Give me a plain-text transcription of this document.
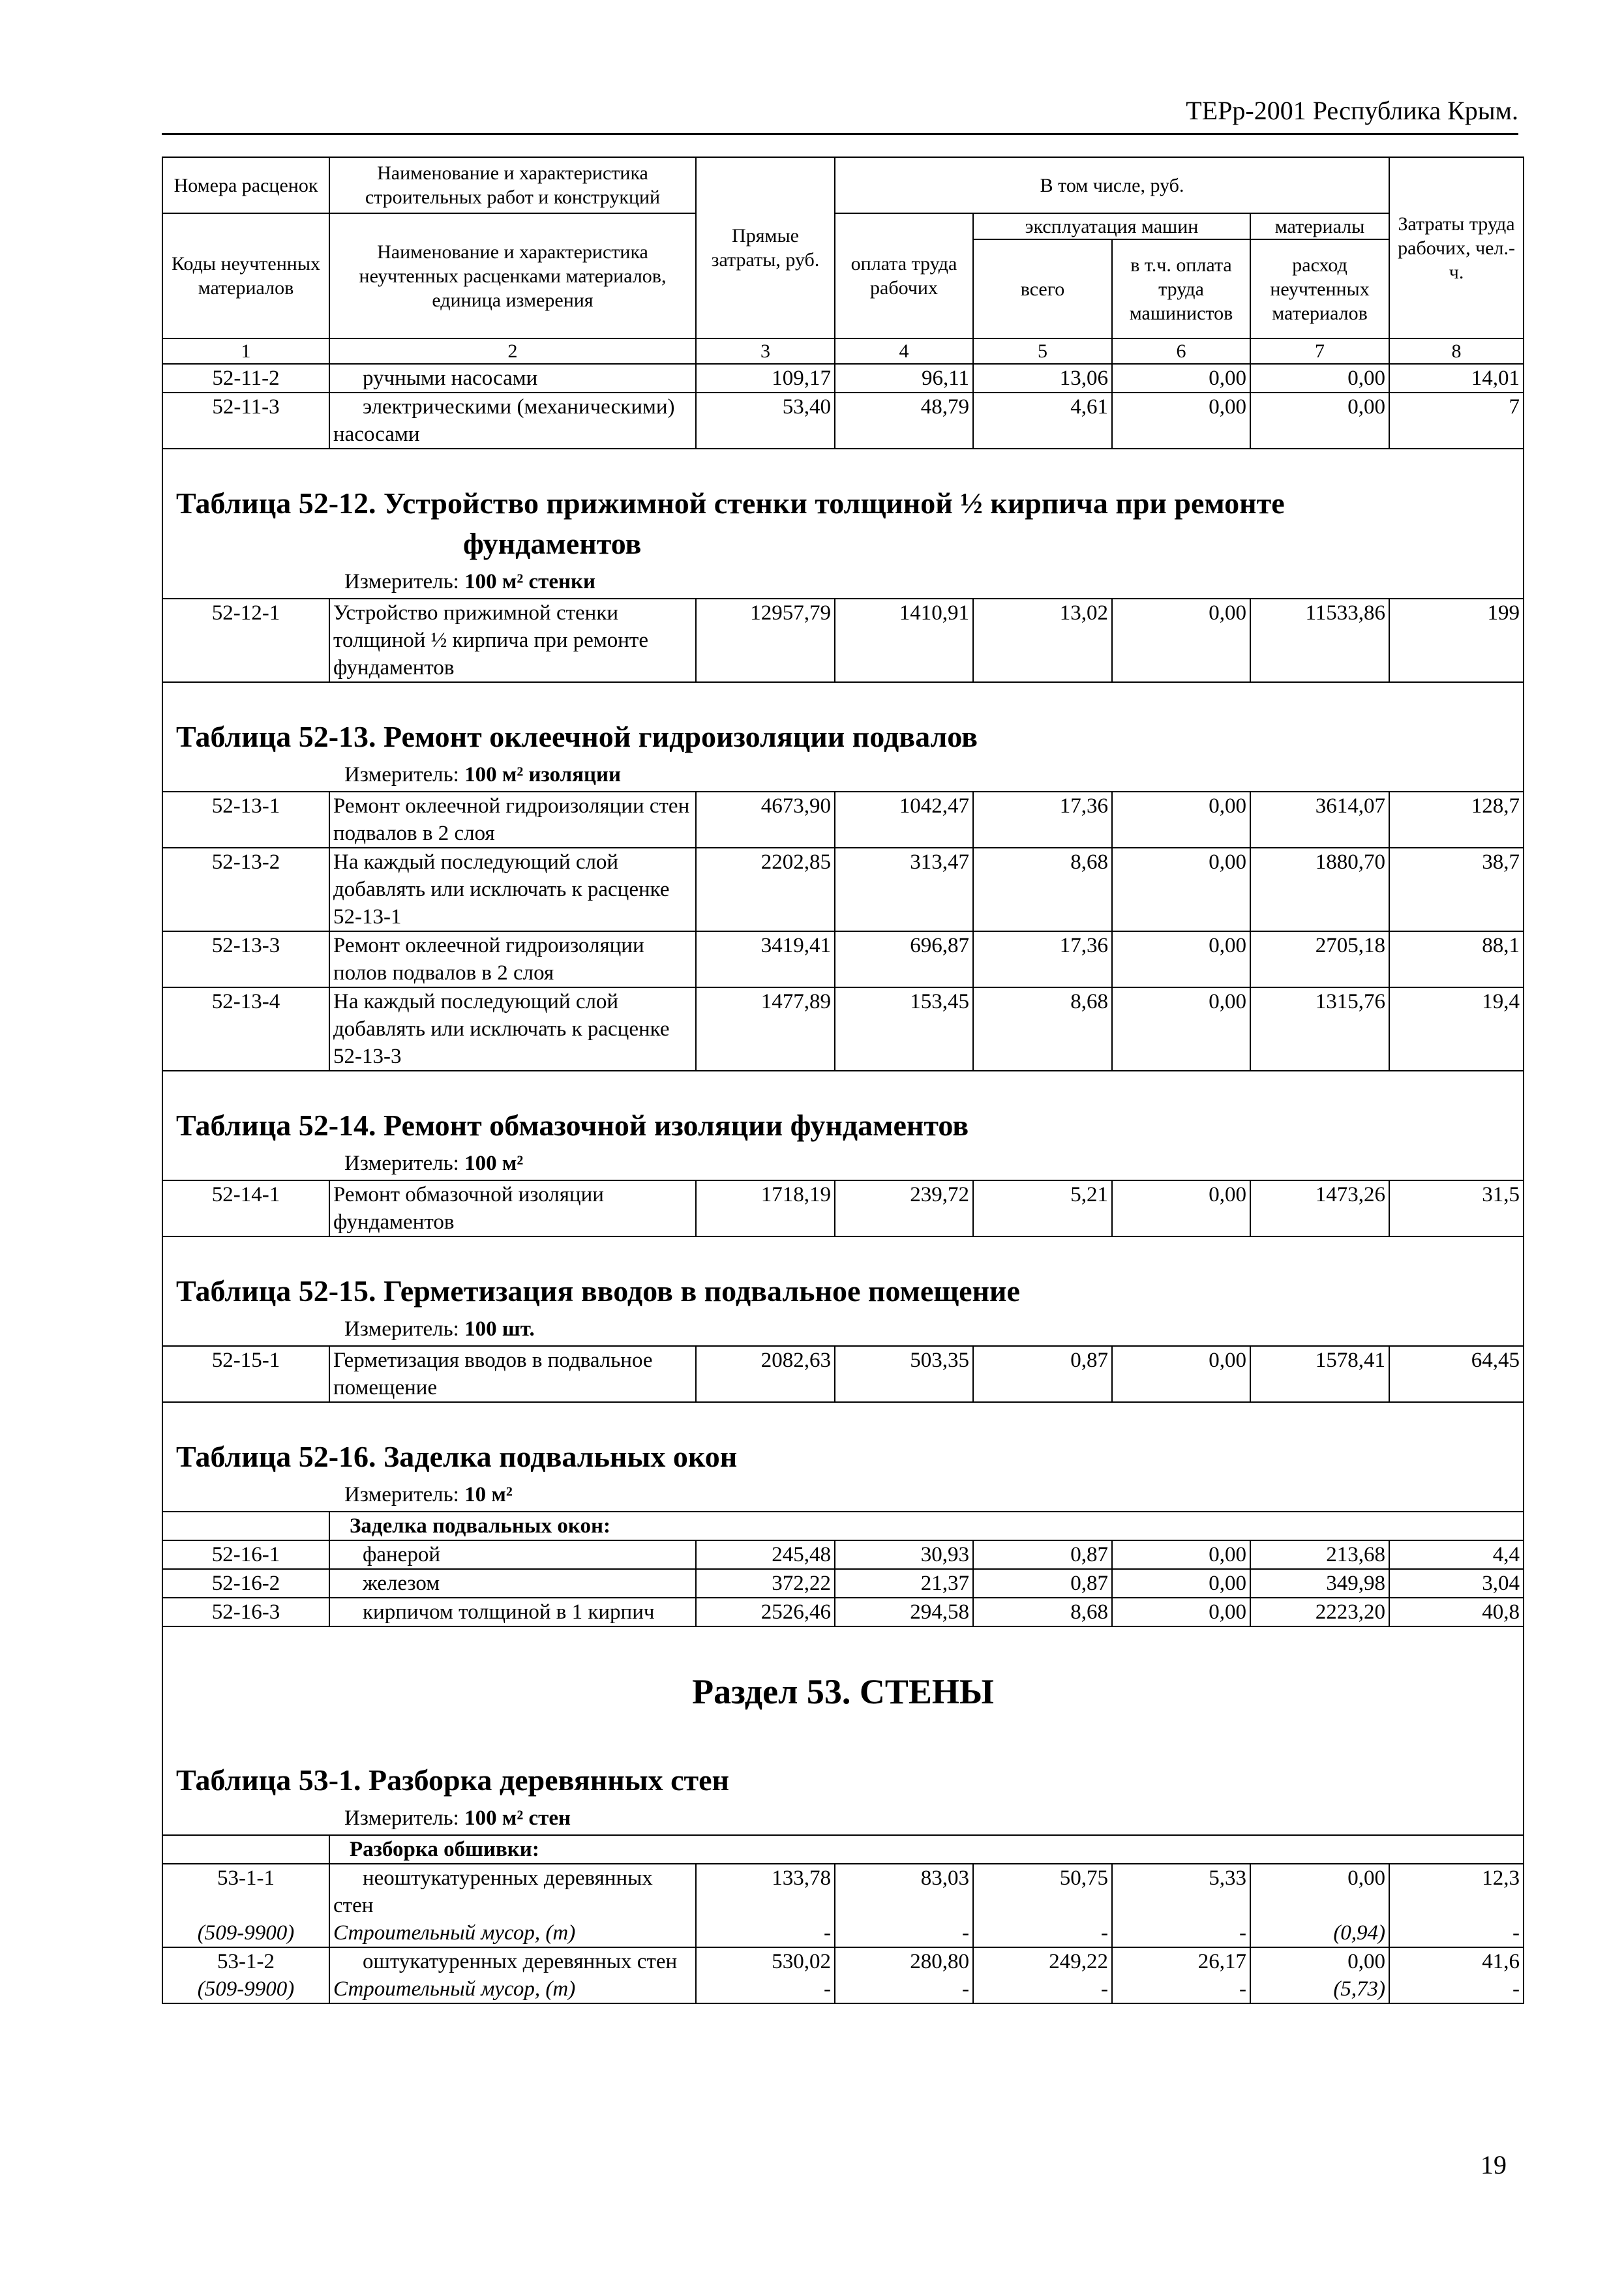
ТЕРр-2001 Республика Крым.
Номера расценок	Наименование и характеристика строительных работ и конструкций	Прямые затраты, руб.	В том числе, руб.				Затраты труда рабочих, чел.-ч.
Коды неучтенных материалов	Наименование и характеристика неучтенных расценками материалов, единица измерения		оплата труда рабочих	эксплуатация машин		материалы	
				всего	в т.ч. оплата труда машинистов	расход неучтенных материалов	
1	2	3	4	5	6	7	8
52-11-2	ручными насосами	109,17	96,11	13,06	0,00	0,00	14,01
52-11-3	электрическими (механическими) насосами	53,40	48,79	4,61	0,00	0,00	7

Таблица 52-12. Устройство прижимной стенки толщиной ½ кирпича при ремонте							
фундаментов							
Измеритель: 100 м² стенки							
52-12-1	Устройство прижимной стенки толщиной ½ кирпича при ремонте фундаментов	12957,79	1410,91	13,02	0,00	11533,86	199

Таблица 52-13. Ремонт оклеечной гидроизоляции подвалов							
Измеритель: 100 м² изоляции							
52-13-1	Ремонт оклеечной гидроизоляции стен подвалов в 2 слоя	4673,90	1042,47	17,36	0,00	3614,07	128,7
52-13-2	На каждый последующий слой добавлять или исключать к расценке 52-13-1	2202,85	313,47	8,68	0,00	1880,70	38,7
52-13-3	Ремонт оклеечной гидроизоляции полов подвалов в 2 слоя	3419,41	696,87	17,36	0,00	2705,18	88,1
52-13-4	На каждый последующий слой добавлять или исключать к расценке 52-13-3	1477,89	153,45	8,68	0,00	1315,76	19,4

Таблица 52-14. Ремонт обмазочной изоляции фундаментов							
Измеритель: 100 м²							
52-14-1	Ремонт обмазочной изоляции фундаментов	1718,19	239,72	5,21	0,00	1473,26	31,5

Таблица 52-15. Герметизация вводов в подвальное помещение							
Измеритель: 100 шт.							
52-15-1	Герметизация вводов в подвальное помещение	2082,63	503,35	0,87	0,00	1578,41	64,45

Таблица 52-16. Заделка подвальных окон							
Измеритель: 10 м²							
	Заделка подвальных окон:						
52-16-1	фанерой	245,48	30,93	0,87	0,00	213,68	4,4
52-16-2	железом	372,22	21,37	0,87	0,00	349,98	3,04
52-16-3	кирпичом толщиной в 1 кирпич	2526,46	294,58	8,68	0,00	2223,20	40,8
Раздел 53. СТЕНЫ							
Таблица 53-1. Разборка деревянных стен							
Измеритель: 100 м² стен							
	Разборка обшивки:						
53-1-1	неоштукатуренных деревянных стен	133,78	83,03	50,75	5,33	0,00	12,3
(509-9900)	Строительный мусор, (т)	-	-	-	-	(0,94)	-
53-1-2	оштукатуренных деревянных стен	530,02	280,80	249,22	26,17	0,00	41,6
(509-9900)	Строительный мусор, (т)	-	-	-	-	(5,73)	-
19
